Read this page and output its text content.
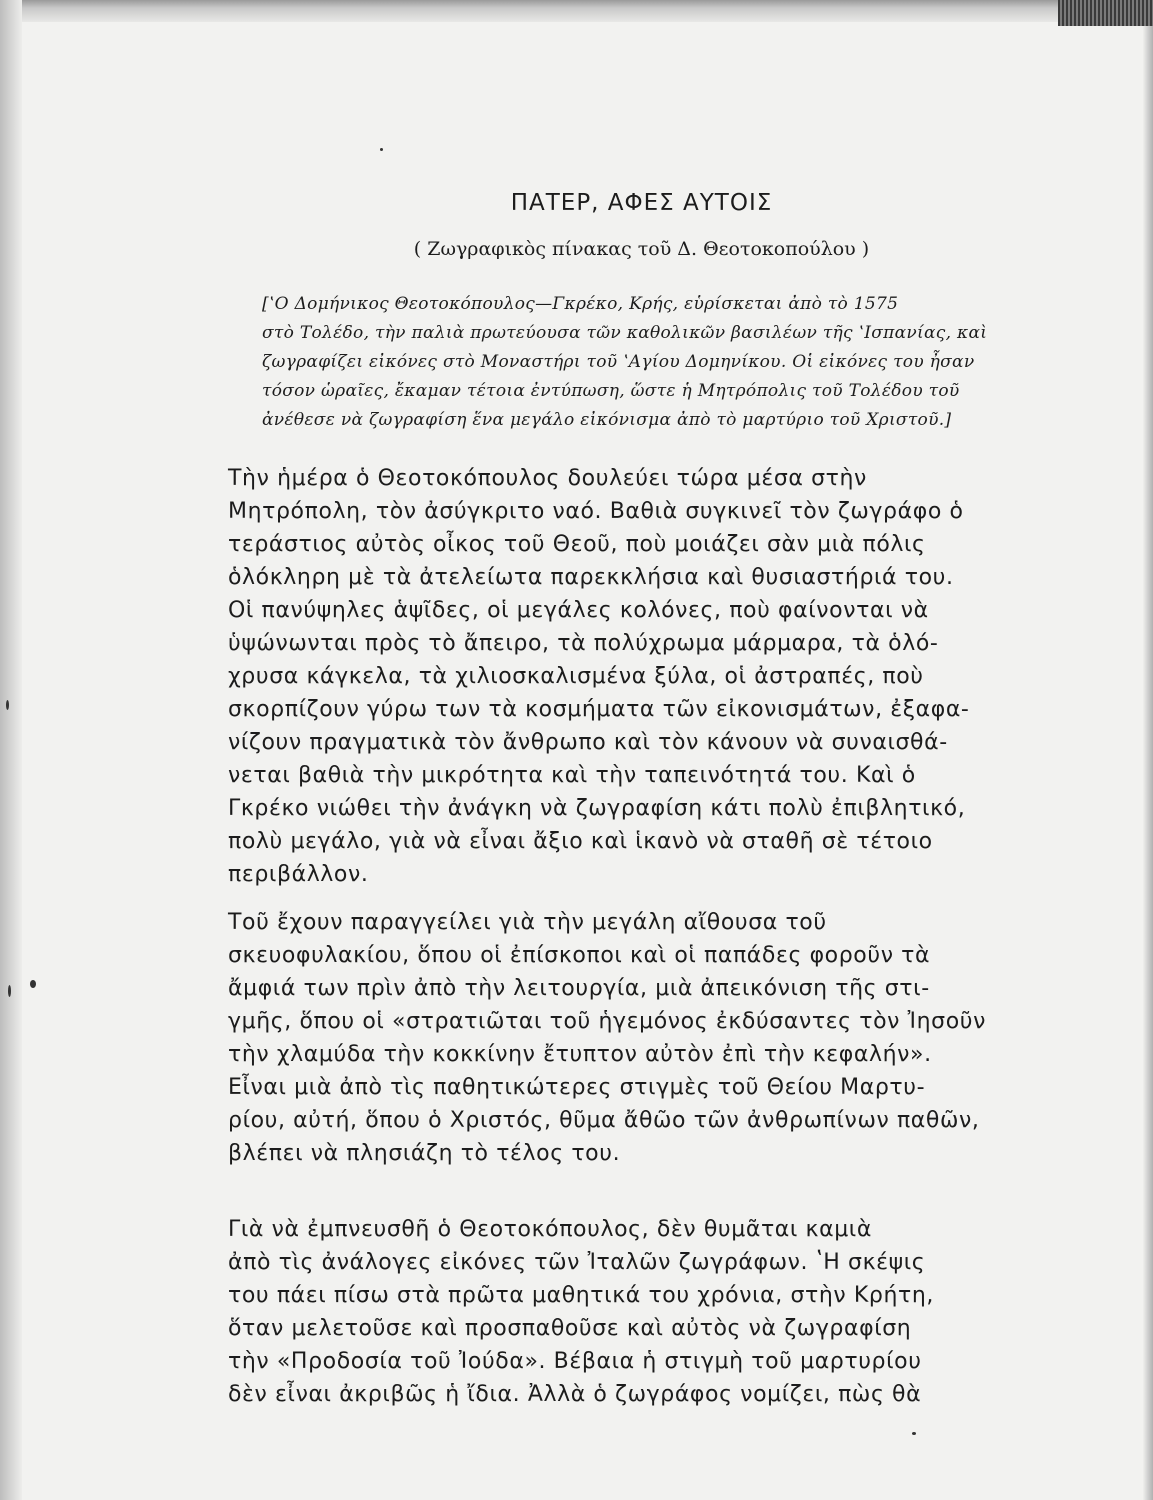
ΠΑΤΕΡ, ΑΦΕΣ ΑΥΤΟΙΣ
( Ζωγραφικὸς πίνακας τοῦ Δ. Θεοτοκοπούλου )
[ʽΟ Δομήνικος Θεοτοκόπουλος—Γκρέκο, Κρής, εὑρίσκεται ἀπὸ τὸ 1575
στὸ Τολέδο, τὴν παλιὰ πρωτεύουσα τῶν καθολικῶν βασιλέων τῆς ʽΙσπανίας, καὶ
ζωγραφίζει εἰκόνες στὸ Μοναστήρι τοῦ ʽΑγίου Δομηνίκου. Οἱ εἰκόνες του ἦσαν
τόσον ὡραῖες, ἔκαμαν τέτοια ἐντύπωση, ὥστε ἡ Μητρόπολις τοῦ Τολέδου τοῦ
ἀνέθεσε νὰ ζωγραφίση ἕνα μεγάλο εἰκόνισμα ἀπὸ τὸ μαρτύριο τοῦ Χριστοῦ.]
Τὴν ἡμέρα ὁ Θεοτοκόπουλος δουλεύει τώρα μέσα στὴν
Μητρόπολη, τὸν ἀσύγκριτο ναό. Βαθιὰ συγκινεῖ τὸν ζωγράφο ὁ
τεράστιος αὐτὸς οἶκος τοῦ Θεοῦ, ποὺ μοιάζει σὰν μιὰ πόλις
ὁλόκληρη μὲ τὰ ἀτελείωτα παρεκκλήσια καὶ θυσιαστήριά του.
Οἱ πανύψηλες ἁψῖδες, οἱ μεγάλες κολόνες, ποὺ φαίνονται νὰ
ὑψώνωνται πρὸς τὸ ἄπειρο, τὰ πολύχρωμα μάρμαρα, τὰ ὁλό-
χρυσα κάγκελα, τὰ χιλιοσκαλισμένα ξύλα, οἱ ἀστραπές, ποὺ
σκορπίζουν γύρω των τὰ κοσμήματα τῶν εἰκονισμάτων, ἐξαφα-
νίζουν πραγματικὰ τὸν ἄνθρωπο καὶ τὸν κάνουν νὰ συναισθά-
νεται βαθιὰ τὴν μικρότητα καὶ τὴν ταπεινότητά του. Καὶ ὁ
Γκρέκο νιώθει τὴν ἀνάγκη νὰ ζωγραφίση κάτι πολὺ ἐπιβλητικό,
πολὺ μεγάλο, γιὰ νὰ εἶναι ἄξιο καὶ ἱκανὸ νὰ σταθῆ σὲ τέτοιο
περιβάλλον.
Τοῦ ἔχουν παραγγείλει γιὰ τὴν μεγάλη αἴθουσα τοῦ
σκευοφυλακίου, ὅπου οἱ ἐπίσκοποι καὶ οἱ παπάδες φοροῦν τὰ
ἄμφιά των πρὶν ἀπὸ τὴν λειτουργία, μιὰ ἀπεικόνιση τῆς στι-
γμῆς, ὅπου οἱ «στρατιῶται τοῦ ἡγεμόνος ἐκδύσαντες τὸν Ἰησοῦν
τὴν χλαμύδα τὴν κοκκίνην ἔτυπτον αὐτὸν ἐπὶ τὴν κεφαλήν».
Εἶναι μιὰ ἀπὸ τὶς παθητικώτερες στιγμὲς τοῦ Θείου Μαρτυ-
ρίου, αὐτή, ὅπου ὁ Χριστός, θῦμα ἄθῶο τῶν ἀνθρωπίνων παθῶν,
βλέπει νὰ πλησιάζη τὸ τέλος του.
Γιὰ νὰ ἐμπνευσθῆ ὁ Θεοτοκόπουλος, δὲν θυμᾶται καμιὰ
ἀπὸ τὶς ἀνάλογες εἰκόνες τῶν Ἰταλῶν ζωγράφων. ʽΗ σκέψις
του πάει πίσω στὰ πρῶτα μαθητικά του χρόνια, στὴν Κρήτη,
ὅταν μελετοῦσε καὶ προσπαθοῦσε καὶ αὐτὸς νὰ ζωγραφίση
τὴν «Προδοσία τοῦ Ἰούδα». Βέβαια ἡ στιγμὴ τοῦ μαρτυρίου
δὲν εἶναι ἀκριβῶς ἡ ἴδια. Ἀλλὰ ὁ ζωγράφος νομίζει, πὼς θὰ
